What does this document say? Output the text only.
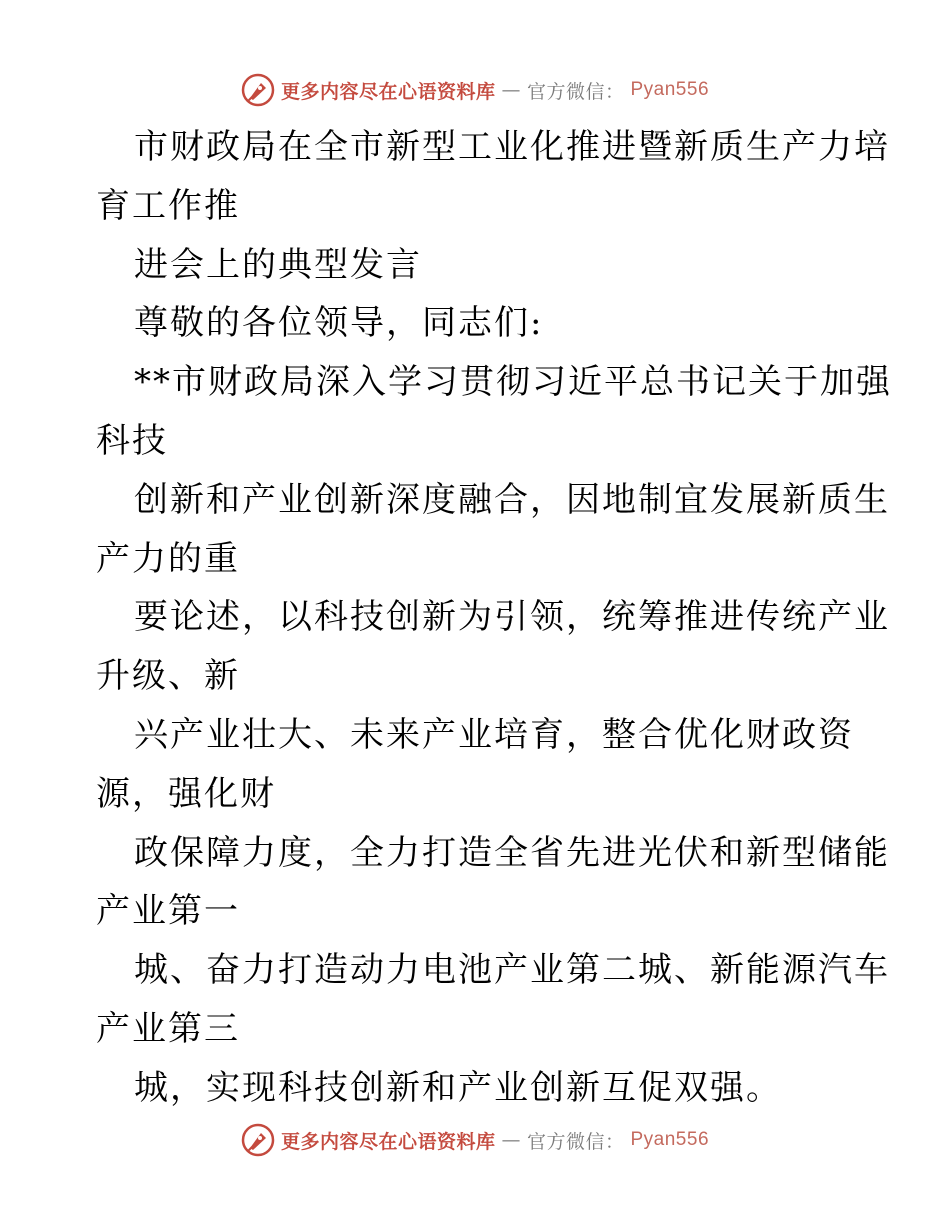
更多内容尽在心语资料库 — 官方微信： Pyan556
市财政局在全市新型工业化推进暨新质生产力培
育工作推
进会上的典型发言
尊敬的各位领导，同志们:
**市财政局深入学习贯彻习近平总书记关于加强
科技
创新和产业创新深度融合，因地制宜发展新质生
产力的重
要论述，以科技创新为引领，统筹推进传统产业
升级、新
兴产业壮大、未来产业培育，整合优化财政资
源，强化财
政保障力度，全力打造全省先进光伏和新型储能
产业第一
城、奋力打造动力电池产业第二城、新能源汽车
产业第三
城，实现科技创新和产业创新互促双强。
更多内容尽在心语资料库 — 官方微信： Pyan556
